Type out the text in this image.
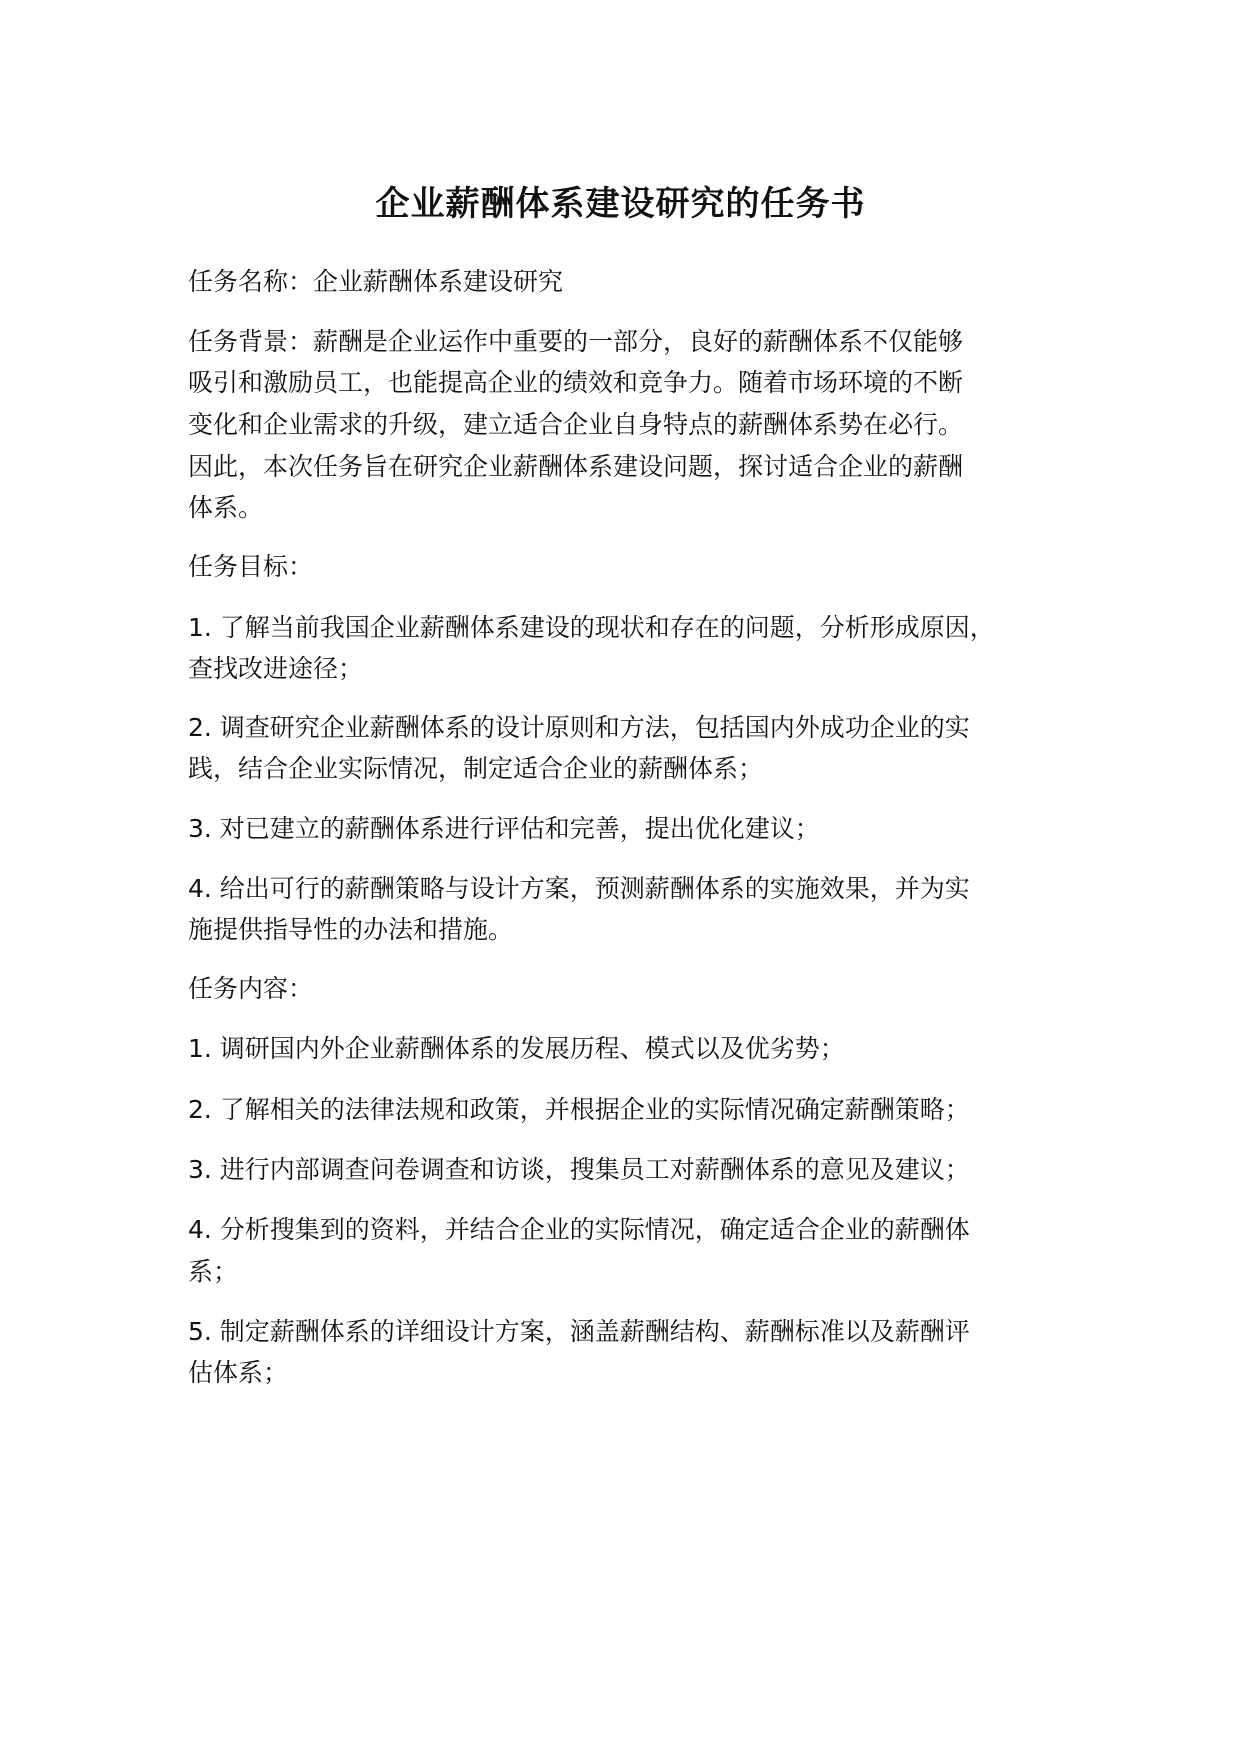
企业薪酬体系建设研究的任务书

任务名称：企业薪酬体系建设研究

任务背景：薪酬是企业运作中重要的一部分，良好的薪酬体系不仅能够

吸引和激励员工，也能提高企业的绩效和竞争力。随着市场环境的不断

变化和企业需求的升级，建立适合企业自身特点的薪酬体系势在必行。

因此，本次任务旨在研究企业薪酬体系建设问题，探讨适合企业的薪酬

体系。

任务目标：

1. 了解当前我国企业薪酬体系建设的现状和存在的问题，分析形成原因，

查找改进途径；

2. 调查研究企业薪酬体系的设计原则和方法，包括国内外成功企业的实

践，结合企业实际情况，制定适合企业的薪酬体系；

3. 对已建立的薪酬体系进行评估和完善，提出优化建议；

4. 给出可行的薪酬策略与设计方案，预测薪酬体系的实施效果，并为实

施提供指导性的办法和措施。

任务内容：

1. 调研国内外企业薪酬体系的发展历程、模式以及优劣势；

2. 了解相关的法律法规和政策，并根据企业的实际情况确定薪酬策略；

3. 进行内部调查问卷调查和访谈，搜集员工对薪酬体系的意见及建议；

4. 分析搜集到的资料，并结合企业的实际情况，确定适合企业的薪酬体

系；

5. 制定薪酬体系的详细设计方案，涵盖薪酬结构、薪酬标准以及薪酬评

估体系；
